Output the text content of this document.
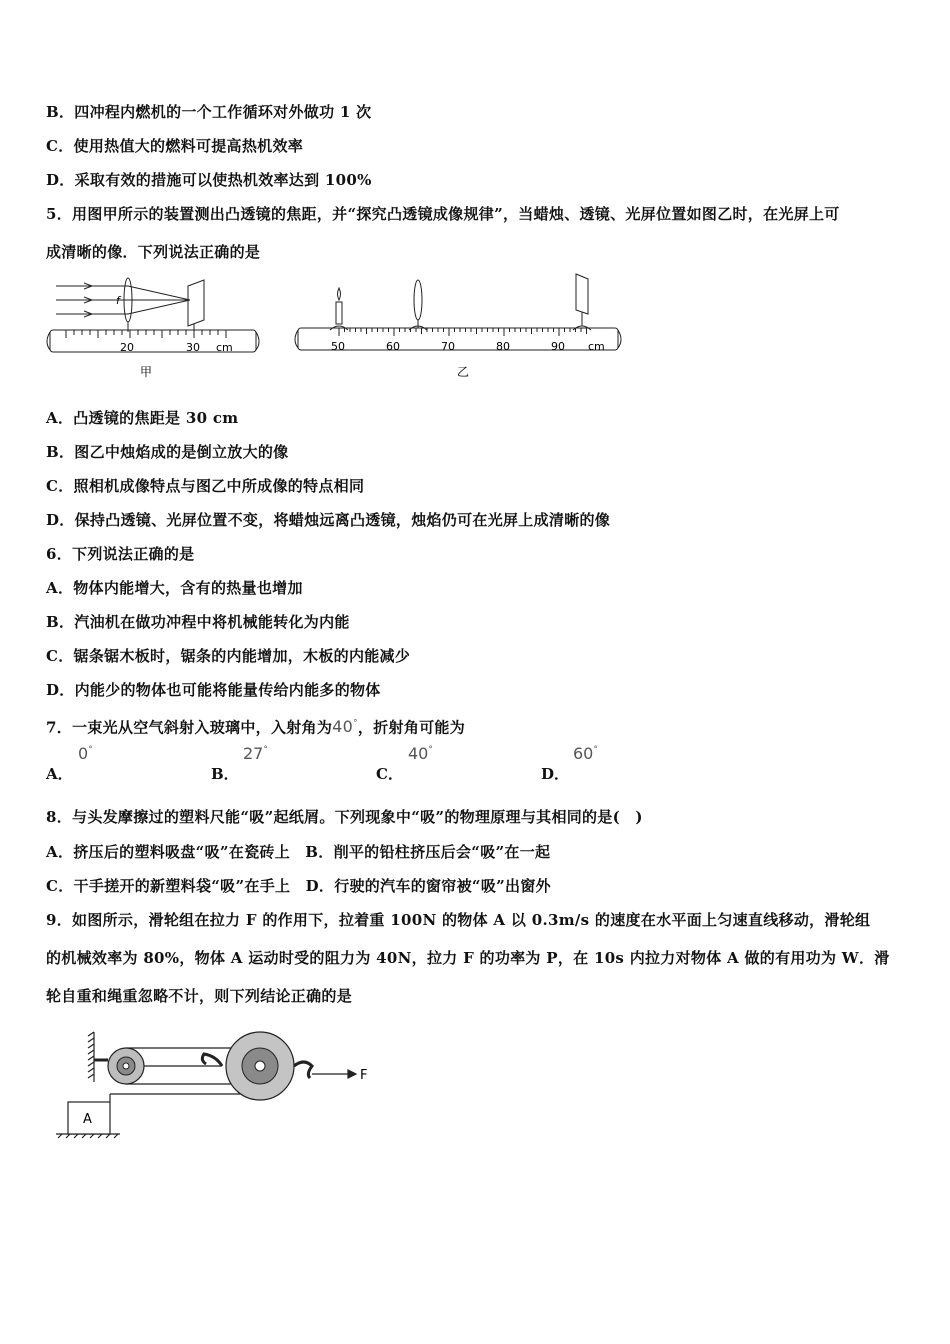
B．四冲程内燃机的一个工作循环对外做功 1 次
C．使用热值大的燃料可提高热机效率
D．采取有效的措施可以使热机效率达到 100%
5．用图甲所示的装置测出凸透镜的焦距，并“探究凸透镜成像规律”，当蜡烛、透镜、光屏位置如图乙时，在光屏上可
成清晰的像．下列说法正确的是
f
20	30 cm
甲
50	60	70	80	90 cm
乙
A．凸透镜的焦距是 30 cm
B．图乙中烛焰成的是倒立放大的像
C．照相机成像特点与图乙中所成像的特点相同
D．保持凸透镜、光屏位置不变，将蜡烛远离凸透镜，烛焰仍可在光屏上成清晰的像
6．下列说法正确的是
A．物体内能增大，含有的热量也增加
B．汽油机在做功冲程中将机械能转化为内能
C．锯条锯木板时，锯条的内能增加，木板的内能减少
D．内能少的物体也可能将能量传给内能多的物体
7．一束光从空气斜射入玻璃中，入射角为40°，折射角可能为
A．
0°
B．
27°
C．
40°
D．
60°
8．与头发摩擦过的塑料尺能“吸”起纸屑。下列现象中“吸”的物理原理与其相同的是(　)
A．挤压后的塑料吸盘“吸”在瓷砖上　B．削平的铅柱挤压后会“吸”在一起
C．干手搓开的新塑料袋“吸”在手上　D．行驶的汽车的窗帘被“吸”出窗外
9．如图所示，滑轮组在拉力 F 的作用下，拉着重 100N 的物体 A 以 0.3m/s 的速度在水平面上匀速直线移动，滑轮组
的机械效率为 80%，物体 A 运动时受的阻力为 40N，拉力 F 的功率为 P，在 10s 内拉力对物体 A 做的有用功为 W．滑
轮自重和绳重忽略不计，则下列结论正确的是
F
A
